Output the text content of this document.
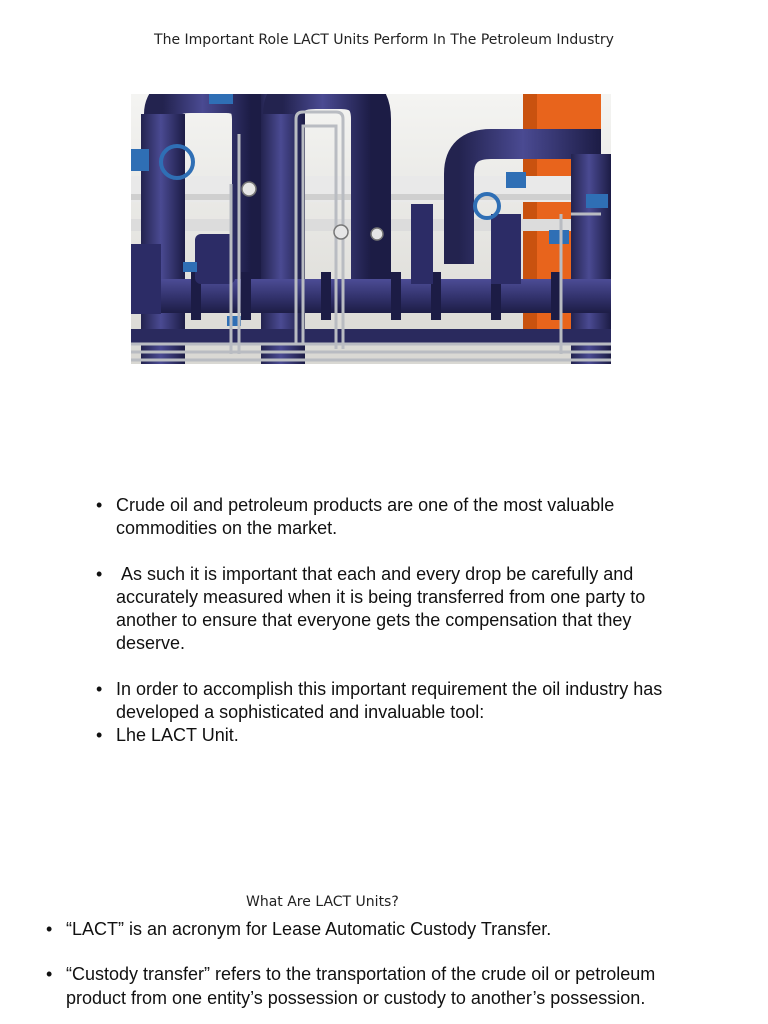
The Important Role LACT Units Perform In The Petroleum Industry
• Crude oil and petroleum products are one of the most valuable commodities on the market.
• As such it is important that each and every drop be carefully and accurately measured when it is being transferred from one party to another to ensure that everyone gets the compensation that they deserve.
• In order to accomplish this important requirement the oil industry has developed a sophisticated and invaluable tool:
• Lhe LACT Unit.
What Are LACT Units?
• “LACT” is an acronym for Lease Automatic Custody Transfer.
• “Custody transfer” refers to the transportation of the crude oil or petroleum product from one entity’s possession or custody to another’s possession.
